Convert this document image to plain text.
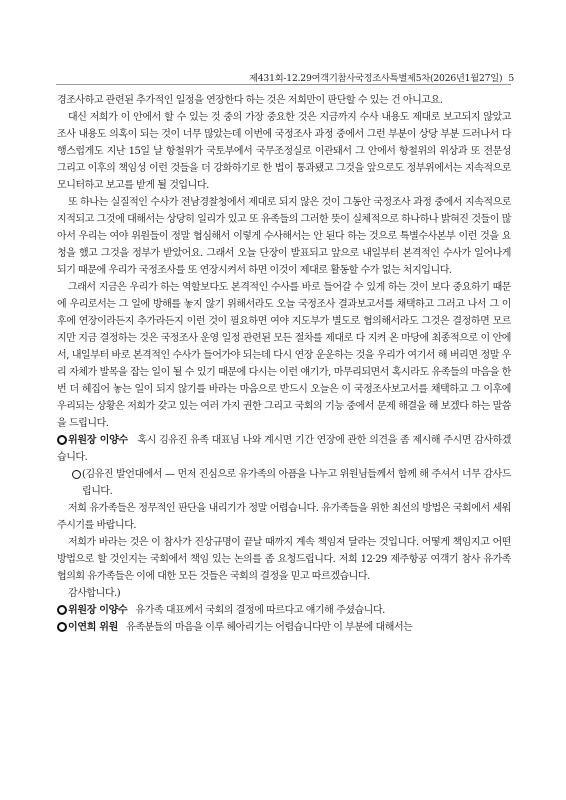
제431회-12.29여객기참사국정조사특별제5차(2026년1월27일) 5

경조사하고 관련된 추가적인 일정을 연장한다 하는 것은 저희만이 판단할 수 있는 건 아니고요.

대신 저희가 이 안에서 할 수 있는 것 중의 가장 중요한 것은 지금까지 수사 내용도 제대로 보고되지 않았고 조사 내용도 의혹이 되는 것이 너무 많았는데 이번에 국정조사 과정 중에서 그런 부분이 상당 부분 드러나서 다행스럽게도 지난 15일 날 항철위가 국토부에서 국무조정실로 이관돼서 그 안에서 항철위의 위상과 또 전문성 그리고 이후의 책임성 이런 것들을 더 강화하기로 한 법이 통과됐고 그것을 앞으로도 정부위에서는 지속적으로 모니터하고 보고를 받게 될 것입니다.

또 하나는 실질적인 수사가 전남경찰청에서 제대로 되지 않은 것이 그동안 국정조사 과정 중에서 지속적으로 지적되고 그것에 대해서는 상당히 일리가 있고 또 유족들의 그러한 뜻이 실체적으로 하나하나 밝혀진 것들이 많아서 우리는 여야 위원들이 정말 협심해서 이렇게 수사해서는 안 된다 하는 것으로 특별수사본부 이런 것을 요청을 했고 그것을 정부가 받았어요. 그래서 오늘 단장이 발표되고 앞으로 내일부터 본격적인 수사가 일어나게 되기 때문에 우리가 국정조사를 또 연장시켜서 하면 이것이 제대로 활동할 수가 없는 처지입니다.

그래서 지금은 우리가 하는 역할보다도 본격적인 수사를 바로 들어갈 수 있게 하는 것이 보다 중요하기 때문에 우리로서는 그 일에 방해를 놓지 않기 위해서라도 오늘 국정조사 결과보고서를 채택하고 그러고 나서 그 이후에 연장이라든지 추가라든지 이런 것이 필요하면 여야 지도부가 별도로 협의해서라도 그것은 결정하면 모르지만 지금 결정하는 것은 국정조사 운영 일정 관련된 모든 절차를 제대로 다 지켜 온 마당에 최종적으로 이 안에서, 내일부터 바로 본격적인 수사가 들어가야 되는데 다시 연장 운운하는 것을 우리가 여기서 해 버리면 정말 우리 자체가 발목을 잡는 일이 될 수 있기 때문에 다시는 이런 얘기가, 마무리되면서 혹시라도 유족들의 마음을 한 번 더 헤집어 놓는 일이 되지 않기를 바라는 마음으로 반드시 오늘은 이 국정조사보고서를 채택하고 그 이후에 우리되는 상황은 저희가 갖고 있는 여러 가지 권한 그리고 국회의 기능 중에서 문제 해결을 해 보겠다 하는 말씀을 드립니다.

위원장 이양수 혹시 김유진 유족 대표님 나와 계시면 기간 연장에 관한 의견을 좀 제시해 주시면 감사하겠습니다.

(김유진 발언대에서 — 먼저 진심으로 유가족의 아픔을 나누고 위원님들께서 함께 해 주셔서 너무 감사드립니다.

저희 유가족들은 정무적인 판단을 내리기가 정말 어렵습니다. 유가족들을 위한 최선의 방법은 국회에서 세워 주시기를 바랍니다.

저희가 바라는 것은 이 참사가 진상규명이 끝날 때까지 계속 책임져 달라는 것입니다. 어떻게 책임지고 어떤 방법으로 할 것인지는 국회에서 책임 있는 논의를 좀 요청드립니다. 저희 12·29 제주항공 여객기 참사 유가족협의회 유가족들은 이에 대한 모든 것들은 국회의 결정을 믿고 따르겠습니다.

감사합니다.)

위원장 이양수 유가족 대표께서 국회의 결정에 따르다고 얘기해 주셨습니다.

이연희 위원 유족분들의 마음을 이루 헤아리기는 어렵습니다만 이 부분에 대해서는
